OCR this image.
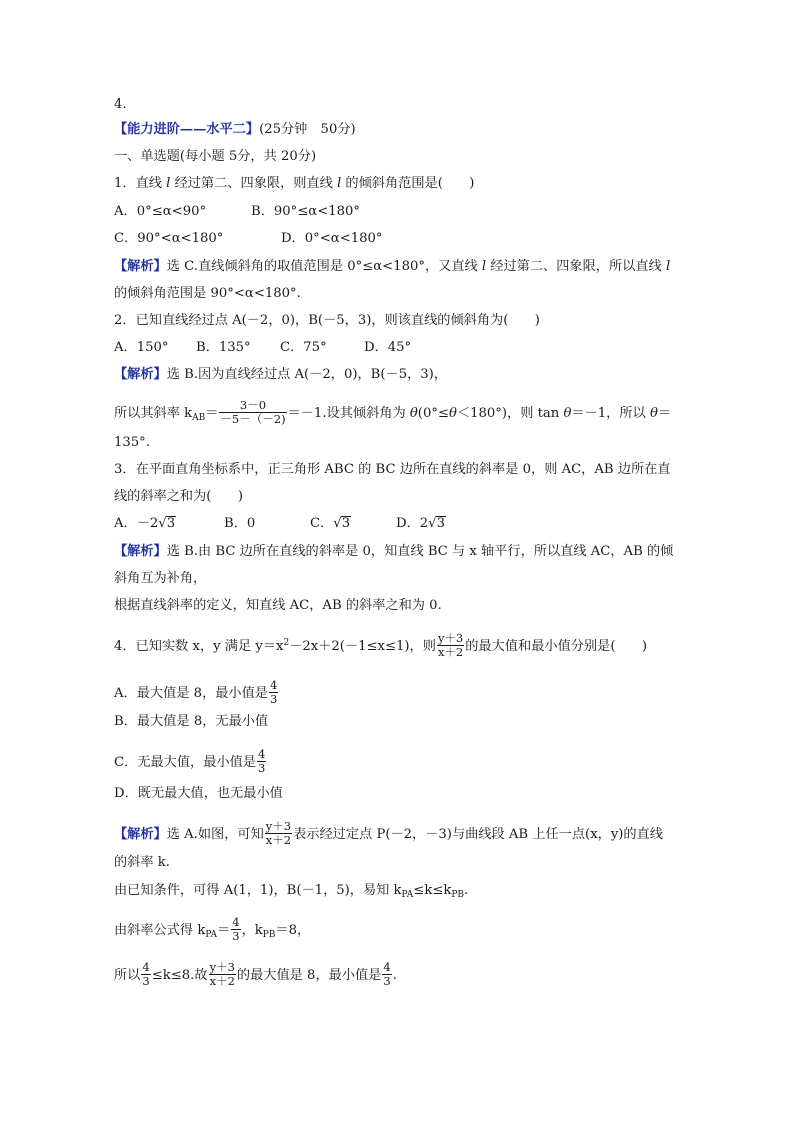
4.
【能力进阶——水平二】(25分钟　50分)
一、单选题(每小题 5分，共 20分)
1．直线 l 经过第二、四象限，则直线 l 的倾斜角范围是(　　)
A．0°≤α<90°	B．90°≤α<180°
C．90°<α<180°	D．0°<α<180°
【解析】选 C.直线倾斜角的取值范围是 0°≤α<180°，又直线 l 经过第二、四象限，所以直线 l
的倾斜角范围是 90°<α<180°.
2．已知直线经过点 A(－2，0)，B(－5，3)，则该直线的倾斜角为(　　)
A．150° B．135° C．75°	D．45°
【解析】选 B.因为直线经过点 A(－2，0)，B(－5，3)，
所以其斜率 $k_{AB}= \frac{3-0}{-5-(-2)} =-1$.设其倾斜角为 θ(0°≤θ＜180°)，则 tan θ＝－1，所以 θ＝
135°.
3．在平面直角坐标系中，正三角形 ABC 的 BC 边所在直线的斜率是 0，则 AC，AB 边所在直
线的斜率之和为(　　)
A．－2√3	B．0	C．√3	D．2√3
【解析】选 B.由 BC 边所在直线的斜率是 0，知直线 BC 与 x 轴平行，所以直线 AC，AB 的倾
斜角互为补角，
根据直线斜率的定义，知直线 AC，AB 的斜率之和为 0.
4．已知实数 x，y 满足 $y=x^2-2x+2(-1\le x\le 1)$，则 $\frac{y+3}{x+2}$ 的最大值和最小值分别是(　　)
A．最大值是 8，最小值是 $\frac{4}{3}$
B．最大值是 8，无最小值
C．无最大值，最小值是 $\frac{4}{3}$
D．既无最大值，也无最小值
【解析】选 A.如图，可知 $\frac{y+3}{x+2}$ 表示经过定点 P(－2，－3)与曲线段 AB 上任一点(x，y)的直线
的斜率 k.
由已知条件，可得 A(1，1)，B(－1，5)，易知 $k_{PA}\le k\le k_{PB}$.
由斜率公式得 $k_{PA}= \frac{4}{3}$ ，$k_{PB}=8$，
所以 $\frac{4}{3} \le k\le 8$.故 $\frac{y+3}{x+2}$ 的最大值是 8，最小值是 $\frac{4}{3}$ .
